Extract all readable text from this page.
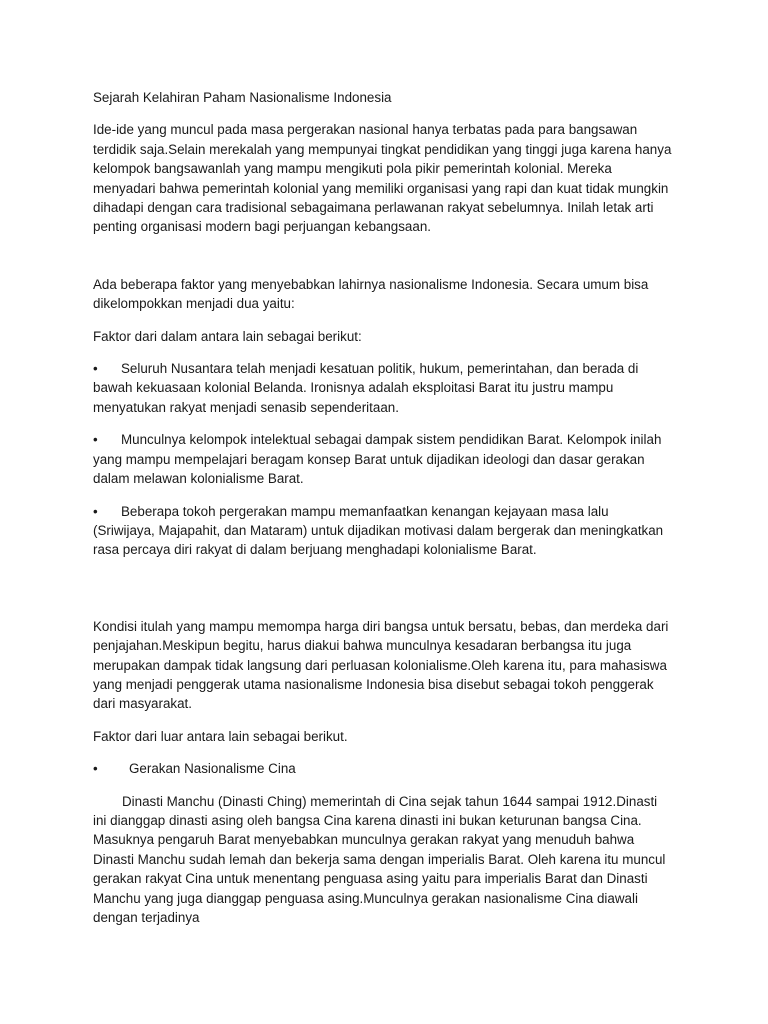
Sejarah Kelahiran Paham Nasionalisme Indonesia

Ide-ide yang muncul pada masa pergerakan nasional hanya terbatas pada para bangsawan terdidik saja.Selain merekalah yang mempunyai tingkat pendidikan yang tinggi juga karena hanya kelompok bangsawanlah yang mampu mengikuti pola pikir pemerintah kolonial. Mereka menyadari bahwa pemerintah kolonial yang memiliki organisasi yang rapi dan kuat tidak mungkin dihadapi dengan cara tradisional sebagaimana perlawanan rakyat sebelumnya. Inilah letak arti penting organisasi modern bagi perjuangan kebangsaan.

Ada beberapa faktor yang menyebabkan lahirnya nasionalisme Indonesia. Secara umum bisa dikelompokkan menjadi dua yaitu:

Faktor dari dalam antara lain sebagai berikut:

• Seluruh Nusantara telah menjadi kesatuan politik, hukum, pemerintahan, dan berada di bawah kekuasaan kolonial Belanda. Ironisnya adalah eksploitasi Barat itu justru mampu menyatukan rakyat menjadi senasib sependeritaan.

• Munculnya kelompok intelektual sebagai dampak sistem pendidikan Barat. Kelompok inilah yang mampu mempelajari beragam konsep Barat untuk dijadikan ideologi dan dasar gerakan dalam melawan kolonialisme Barat.

• Beberapa tokoh pergerakan mampu memanfaatkan kenangan kejayaan masa lalu (Sriwijaya, Majapahit, dan Mataram) untuk dijadikan motivasi dalam bergerak dan meningkatkan rasa percaya diri rakyat di dalam berjuang menghadapi kolonialisme Barat.

Kondisi itulah yang mampu memompa harga diri bangsa untuk bersatu, bebas, dan merdeka dari penjajahan.Meskipun begitu, harus diakui bahwa munculnya kesadaran berbangsa itu juga merupakan dampak tidak langsung dari perluasan kolonialisme.Oleh karena itu, para mahasiswa yang menjadi penggerak utama nasionalisme Indonesia bisa disebut sebagai tokoh penggerak dari masyarakat.

Faktor dari luar antara lain sebagai berikut.

• Gerakan Nasionalisme Cina

Dinasti Manchu (Dinasti Ching) memerintah di Cina sejak tahun 1644 sampai 1912.Dinasti ini dianggap dinasti asing oleh bangsa Cina karena dinasti ini bukan keturunan bangsa Cina. Masuknya pengaruh Barat menyebabkan munculnya gerakan rakyat yang menuduh bahwa Dinasti Manchu sudah lemah dan bekerja sama dengan imperialis Barat. Oleh karena itu muncul gerakan rakyat Cina untuk menentang penguasa asing yaitu para imperialis Barat dan Dinasti Manchu yang juga dianggap penguasa asing.Munculnya gerakan nasionalisme Cina diawali dengan terjadinya
